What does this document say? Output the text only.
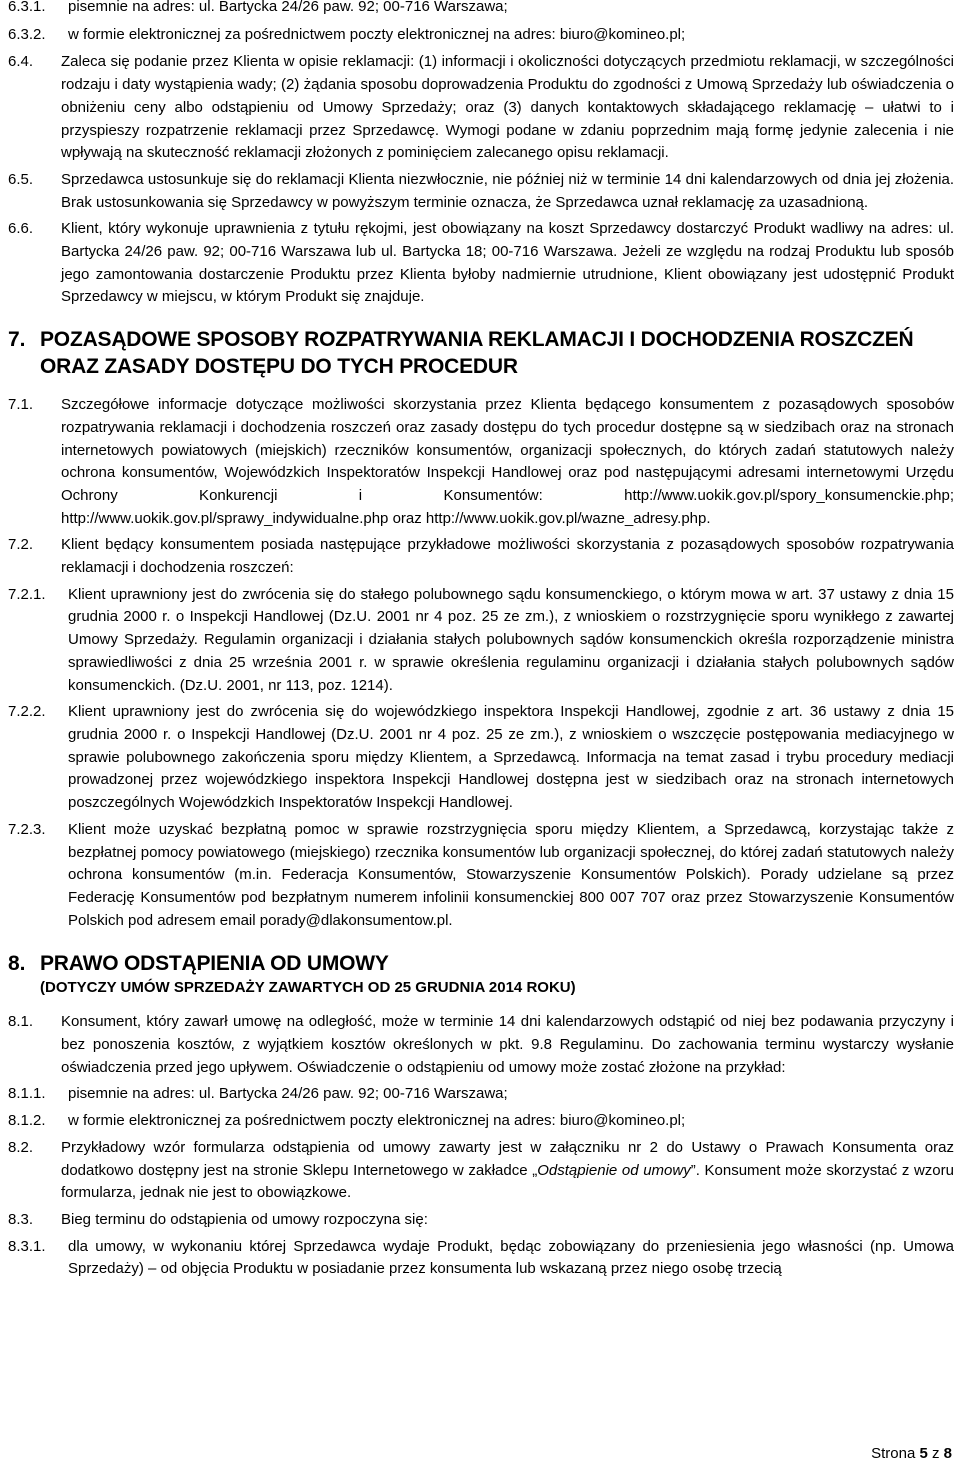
6.3.1.	pisemnie na adres: ul. Bartycka 24/26 paw. 92; 00-716 Warszawa;
6.3.2.	w formie elektronicznej za pośrednictwem poczty elektronicznej na adres: biuro@komineo.pl;
6.4.	Zaleca się podanie przez Klienta w opisie reklamacji: (1) informacji i okoliczności dotyczących przedmiotu reklamacji, w szczególności rodzaju i daty wystąpienia wady; (2) żądania sposobu doprowadzenia Produktu do zgodności z Umową Sprzedaży lub oświadczenia o obniżeniu ceny albo odstąpieniu od Umowy Sprzedaży; oraz (3) danych kontaktowych składającego reklamację – ułatwi to i przyspieszy rozpatrzenie reklamacji przez Sprzedawcę. Wymogi podane w zdaniu poprzednim mają formę jedynie zalecenia i nie wpływają na skuteczność reklamacji złożonych z pominięciem zalecanego opisu reklamacji.
6.5.	Sprzedawca ustosunkuje się do reklamacji Klienta niezwłocznie, nie później niż w terminie 14 dni kalendarzowych od dnia jej złożenia. Brak ustosunkowania się Sprzedawcy w powyższym terminie oznacza, że Sprzedawca uznał reklamację za uzasadnioną.
6.6.	Klient, który wykonuje uprawnienia z tytułu rękojmi, jest obowiązany na koszt Sprzedawcy dostarczyć Produkt wadliwy na adres: ul. Bartycka 24/26 paw. 92; 00-716 Warszawa lub ul. Bartycka 18; 00-716 Warszawa. Jeżeli ze względu na rodzaj Produktu lub sposób jego zamontowania dostarczenie Produktu przez Klienta byłoby nadmiernie utrudnione, Klient obowiązany jest udostępnić Produkt Sprzedawcy w miejscu, w którym Produkt się znajduje.
7. POZASĄDOWE SPOSOBY ROZPATRYWANIA REKLAMACJI I DOCHODZENIA ROSZCZEŃ ORAZ ZASADY DOSTĘPU DO TYCH PROCEDUR
7.1.	Szczegółowe informacje dotyczące możliwości skorzystania przez Klienta będącego konsumentem z pozasądowych sposobów rozpatrywania reklamacji i dochodzenia roszczeń oraz zasady dostępu do tych procedur dostępne są w siedzibach oraz na stronach internetowych powiatowych (miejskich) rzeczników konsumentów, organizacji społecznych, do których zadań statutowych należy ochrona konsumentów, Wojewódzkich Inspektoratów Inspekcji Handlowej oraz pod następującymi adresami internetowymi Urzędu Ochrony Konkurencji i Konsumentów: http://www.uokik.gov.pl/spory_konsumenckie.php; http://www.uokik.gov.pl/sprawy_indywidualne.php oraz http://www.uokik.gov.pl/wazne_adresy.php.
7.2.	Klient będący konsumentem posiada następujące przykładowe możliwości skorzystania z pozasądowych sposobów rozpatrywania reklamacji i dochodzenia roszczeń:
7.2.1.	Klient uprawniony jest do zwrócenia się do stałego polubownego sądu konsumenckiego, o którym mowa w art. 37 ustawy z dnia 15 grudnia 2000 r. o Inspekcji Handlowej (Dz.U. 2001 nr 4 poz. 25 ze zm.), z wnioskiem o rozstrzygnięcie sporu wynikłego z zawartej Umowy Sprzedaży. Regulamin organizacji i działania stałych polubownych sądów konsumenckich określa rozporządzenie ministra sprawiedliwości z dnia 25 września 2001 r. w sprawie określenia regulaminu organizacji i działania stałych polubownych sądów konsumenckich. (Dz.U. 2001, nr 113, poz. 1214).
7.2.2.	Klient uprawniony jest do zwrócenia się do wojewódzkiego inspektora Inspekcji Handlowej, zgodnie z art. 36 ustawy z dnia 15 grudnia 2000 r. o Inspekcji Handlowej (Dz.U. 2001 nr 4 poz. 25 ze zm.), z wnioskiem o wszczęcie postępowania mediacyjnego w sprawie polubownego zakończenia sporu między Klientem, a Sprzedawcą. Informacja na temat zasad i trybu procedury mediacji prowadzonej przez wojewódzkiego inspektora Inspekcji Handlowej dostępna jest w siedzibach oraz na stronach internetowych poszczególnych Wojewódzkich Inspektoratów Inspekcji Handlowej.
7.2.3.	Klient może uzyskać bezpłatną pomoc w sprawie rozstrzygnięcia sporu między Klientem, a Sprzedawcą, korzystając także z bezpłatnej pomocy powiatowego (miejskiego) rzecznika konsumentów lub organizacji społecznej, do której zadań statutowych należy ochrona konsumentów (m.in. Federacja Konsumentów, Stowarzyszenie Konsumentów Polskich). Porady udzielane są przez Federację Konsumentów pod bezpłatnym numerem infolinii konsumenckiej 800 007 707 oraz przez Stowarzyszenie Konsumentów Polskich pod adresem email porady@dlakonsumentow.pl.
8. PRAWO ODSTĄPIENIA OD UMOWY
(DOTYCZY UMÓW SPRZEDAŻY ZAWARTYCH OD 25 GRUDNIA 2014 ROKU)
8.1.	Konsument, który zawarł umowę na odległość, może w terminie 14 dni kalendarzowych odstąpić od niej bez podawania przyczyny i bez ponoszenia kosztów, z wyjątkiem kosztów określonych w pkt. 9.8 Regulaminu. Do zachowania terminu wystarczy wysłanie oświadczenia przed jego upływem. Oświadczenie o odstąpieniu od umowy może zostać złożone na przykład:
8.1.1.	pisemnie na adres: ul. Bartycka 24/26 paw. 92; 00-716 Warszawa;
8.1.2.	w formie elektronicznej za pośrednictwem poczty elektronicznej na adres: biuro@komineo.pl;
8.2.	Przykładowy wzór formularza odstąpienia od umowy zawarty jest w załączniku nr 2 do Ustawy o Prawach Konsumenta oraz dodatkowo dostępny jest na stronie Sklepu Internetowego w zakładce „Odstąpienie od umowy”. Konsument może skorzystać z wzoru formularza, jednak nie jest to obowiązkowe.
8.3.	Bieg terminu do odstąpienia od umowy rozpoczyna się:
8.3.1.	dla umowy, w wykonaniu której Sprzedawca wydaje Produkt, będąc zobowiązany do przeniesienia jego własności (np. Umowa Sprzedaży) – od objęcia Produktu w posiadanie przez konsumenta lub wskazaną przez niego osobę trzecią
Strona 5 z 8
